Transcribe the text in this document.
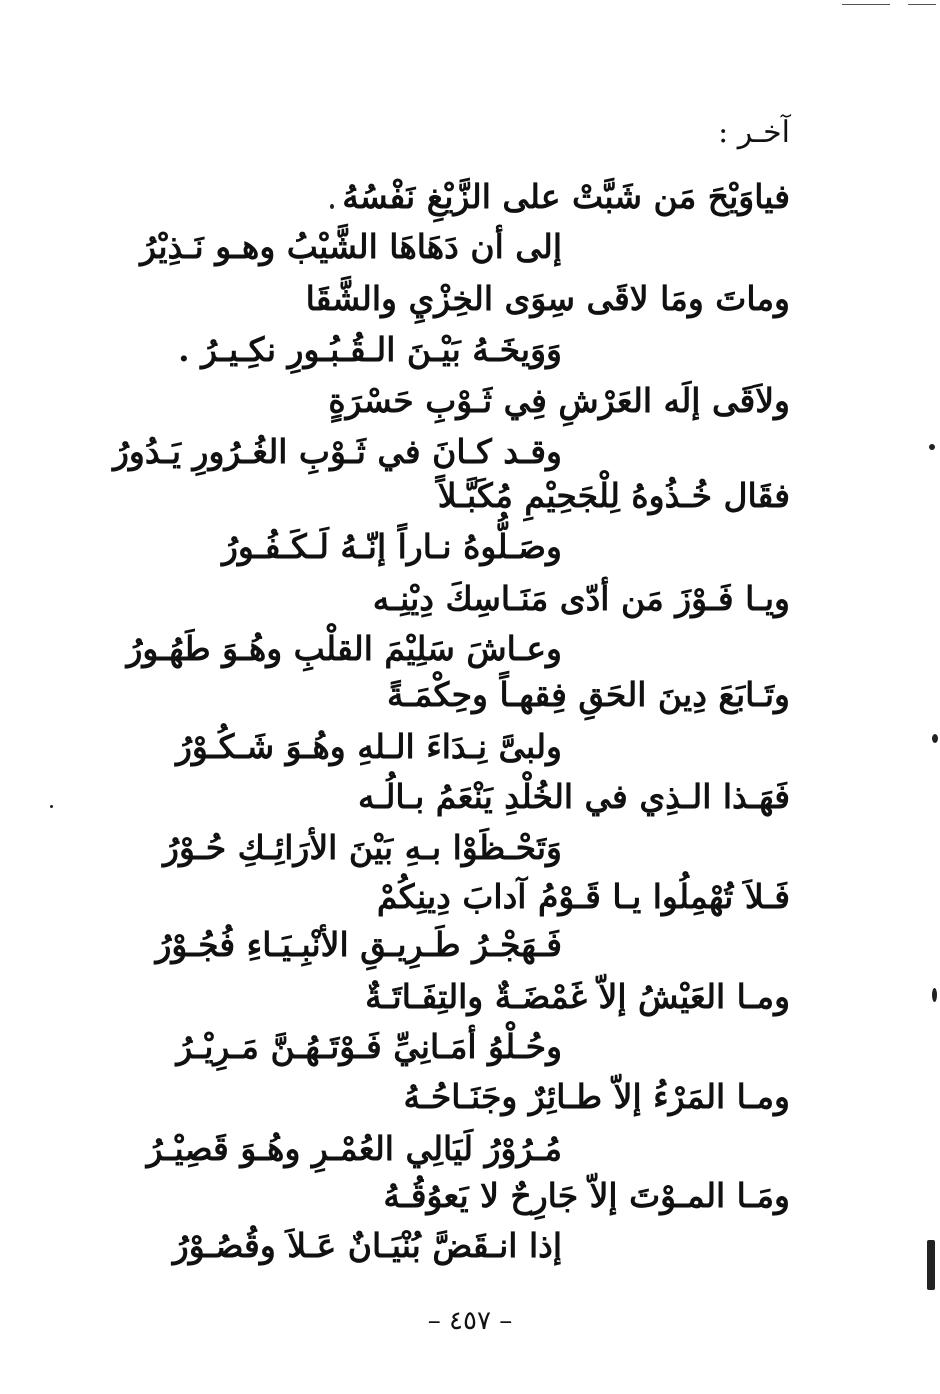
آخـر :
فياوَيْحَ مَن شَبَّتْ على الزَّيْغِ نَفْسُهُ
إلى أن دَهَاهَا الشَّيْبُ وهـو نَـذِيْرُ
وماتَ ومَا لاقَى سِوَى الخِزْيِ والشَّقَا
وَوَيخَـهُ بَيْـنَ الـقُـبُـورِ نكِـيـرُ .
ولاَقَى إلَه العَرْشِ فِي ثَـوْبِ حَسْرَةٍ
وقـد كـانَ في ثَـوْبِ الغُـرُورِ يَـدُورُ
فقَال خُـذُوهُ لِلْجَحِيْمِ مُكَبَّـلاً
وصَـلُّوهُ نـاراً إنّـهُ لَـكَـفُـورُ
ويـا فَـوْزَ مَن أدّى مَنَـاسِكَ دِيْنِـه
وعـاشَ سَلِيْمَ القلْبِ وهُـوَ طَهُـورُ
وتَـابَعَ دِينَ الحَقِ فِقهـاً وحِكْمَـةً
ولبىَّ نِـدَاءَ الـلهِ وهُـوَ شَـكُـوْرُ
فَهَـذا الـذِي في الخُلْدِ يَنْعَمُ بـالُـه
وَتَحْـظَوْا بـهِ بَيْنَ الأرَائِـكِ حُـوْرُ
فَـلاَ تُهْمِلُوا يـا قَـوْمُ آدابَ دِينِكُمْ
فَـهَجْـرُ طَـرِيـقِ الأنْبِـيَـاءِ فُجُـوْرُ
ومـا العَيْشُ إلاّ غَمْضَـةٌ والتِفَـاتَـةٌ
وحُـلْوُ أمَـانِيِّ فَـوْتَـهُـنَّ مَـرِيْـرُ
ومـا المَرْءُ إلاّ طـائِرٌ وجَنَـاحُـهُ
مُـرُوْرُ لَيَالِي العُمْـرِ وهُـوَ قَصِيْـرُ
ومَـا المـوْتَ إلاّ جَارِحٌ لا يَعوُقُـهُ
إذا انـقَضَّ بُنْيَـانٌ عَـلاَ وقُصُـوْرُ
– ٤٥٧ –
